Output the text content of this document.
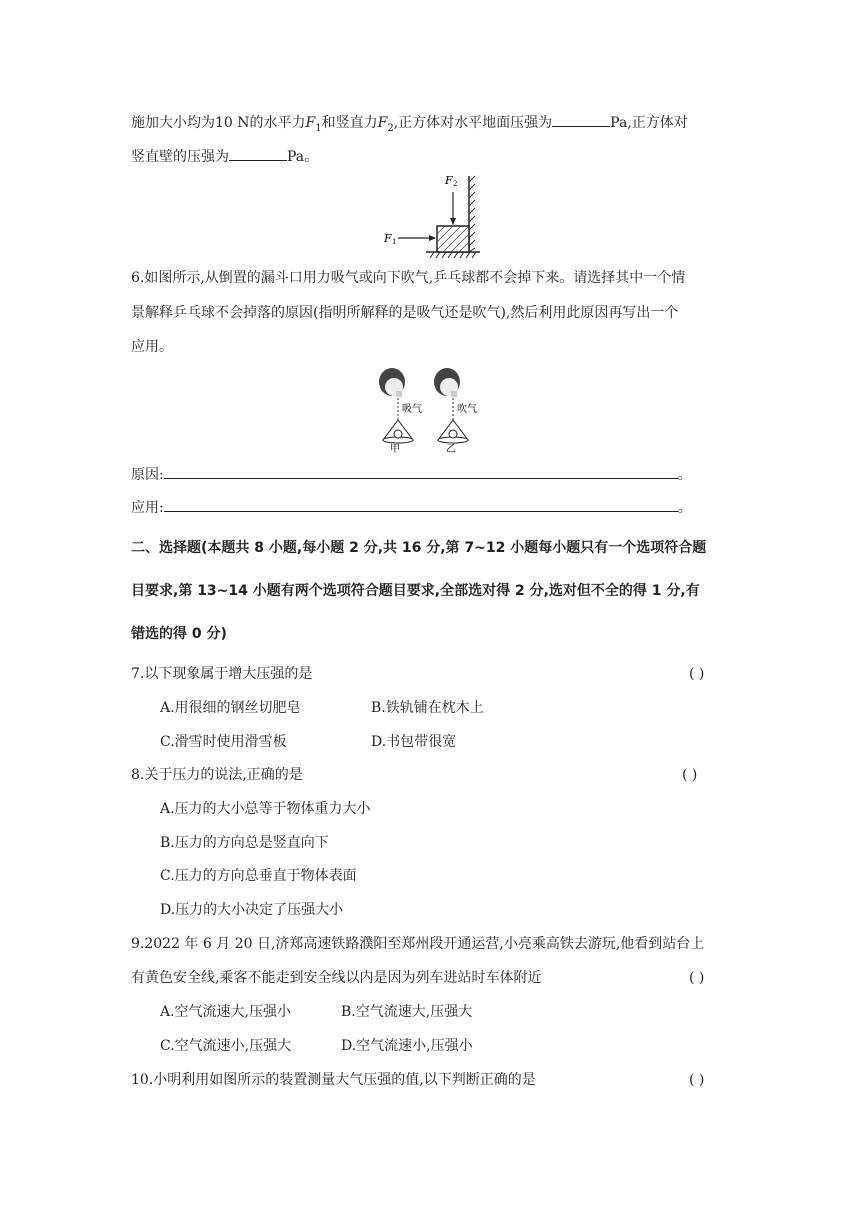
施加大小均为10 N的水平力$F_1$和竖直力$F_2$,正方体对水平地面压强为	Pa,正方体对
竖直壁的压强为	Pa。
F 2
F 1
6.如图所示,从倒置的漏斗口用力吸气或向下吹气,乒乓球都不会掉下来。请选择其中一个情
景解释乒乓球不会掉落的原因(指明所解释的是吸气还是吹气),然后利用此原因再写出一个
应用。
吸气
甲
吹气
乙
原因:	。
应用:	。
二、选择题(本题共 8 小题,每小题 2 分,共 16 分,第 7~12 小题每小题只有一个选项符合题
目要求,第 13~14 小题有两个选项符合题目要求,全部选对得 2 分,选对但不全的得 1 分,有
错选的得 0 分)
7.以下现象属于增大压强的是	( )
A.用很细的钢丝切肥皂	B.铁轨铺在枕木上
C.滑雪时使用滑雪板	D.书包带很宽
8.关于压力的说法,正确的是	( )
A.压力的大小总等于物体重力大小
B.压力的方向总是竖直向下
C.压力的方向总垂直于物体表面
D.压力的大小决定了压强大小
9.2022 年 6 月 20 日,济郑高速铁路濮阳至郑州段开通运营,小亮乘高铁去游玩,他看到站台上
有黄色安全线,乘客不能走到安全线以内是因为列车进站时车体附近	( )
A.空气流速大,压强小	B.空气流速大,压强大
C.空气流速小,压强大	D.空气流速小,压强小
10.小明利用如图所示的装置测量大气压强的值,以下判断正确的是	( )
